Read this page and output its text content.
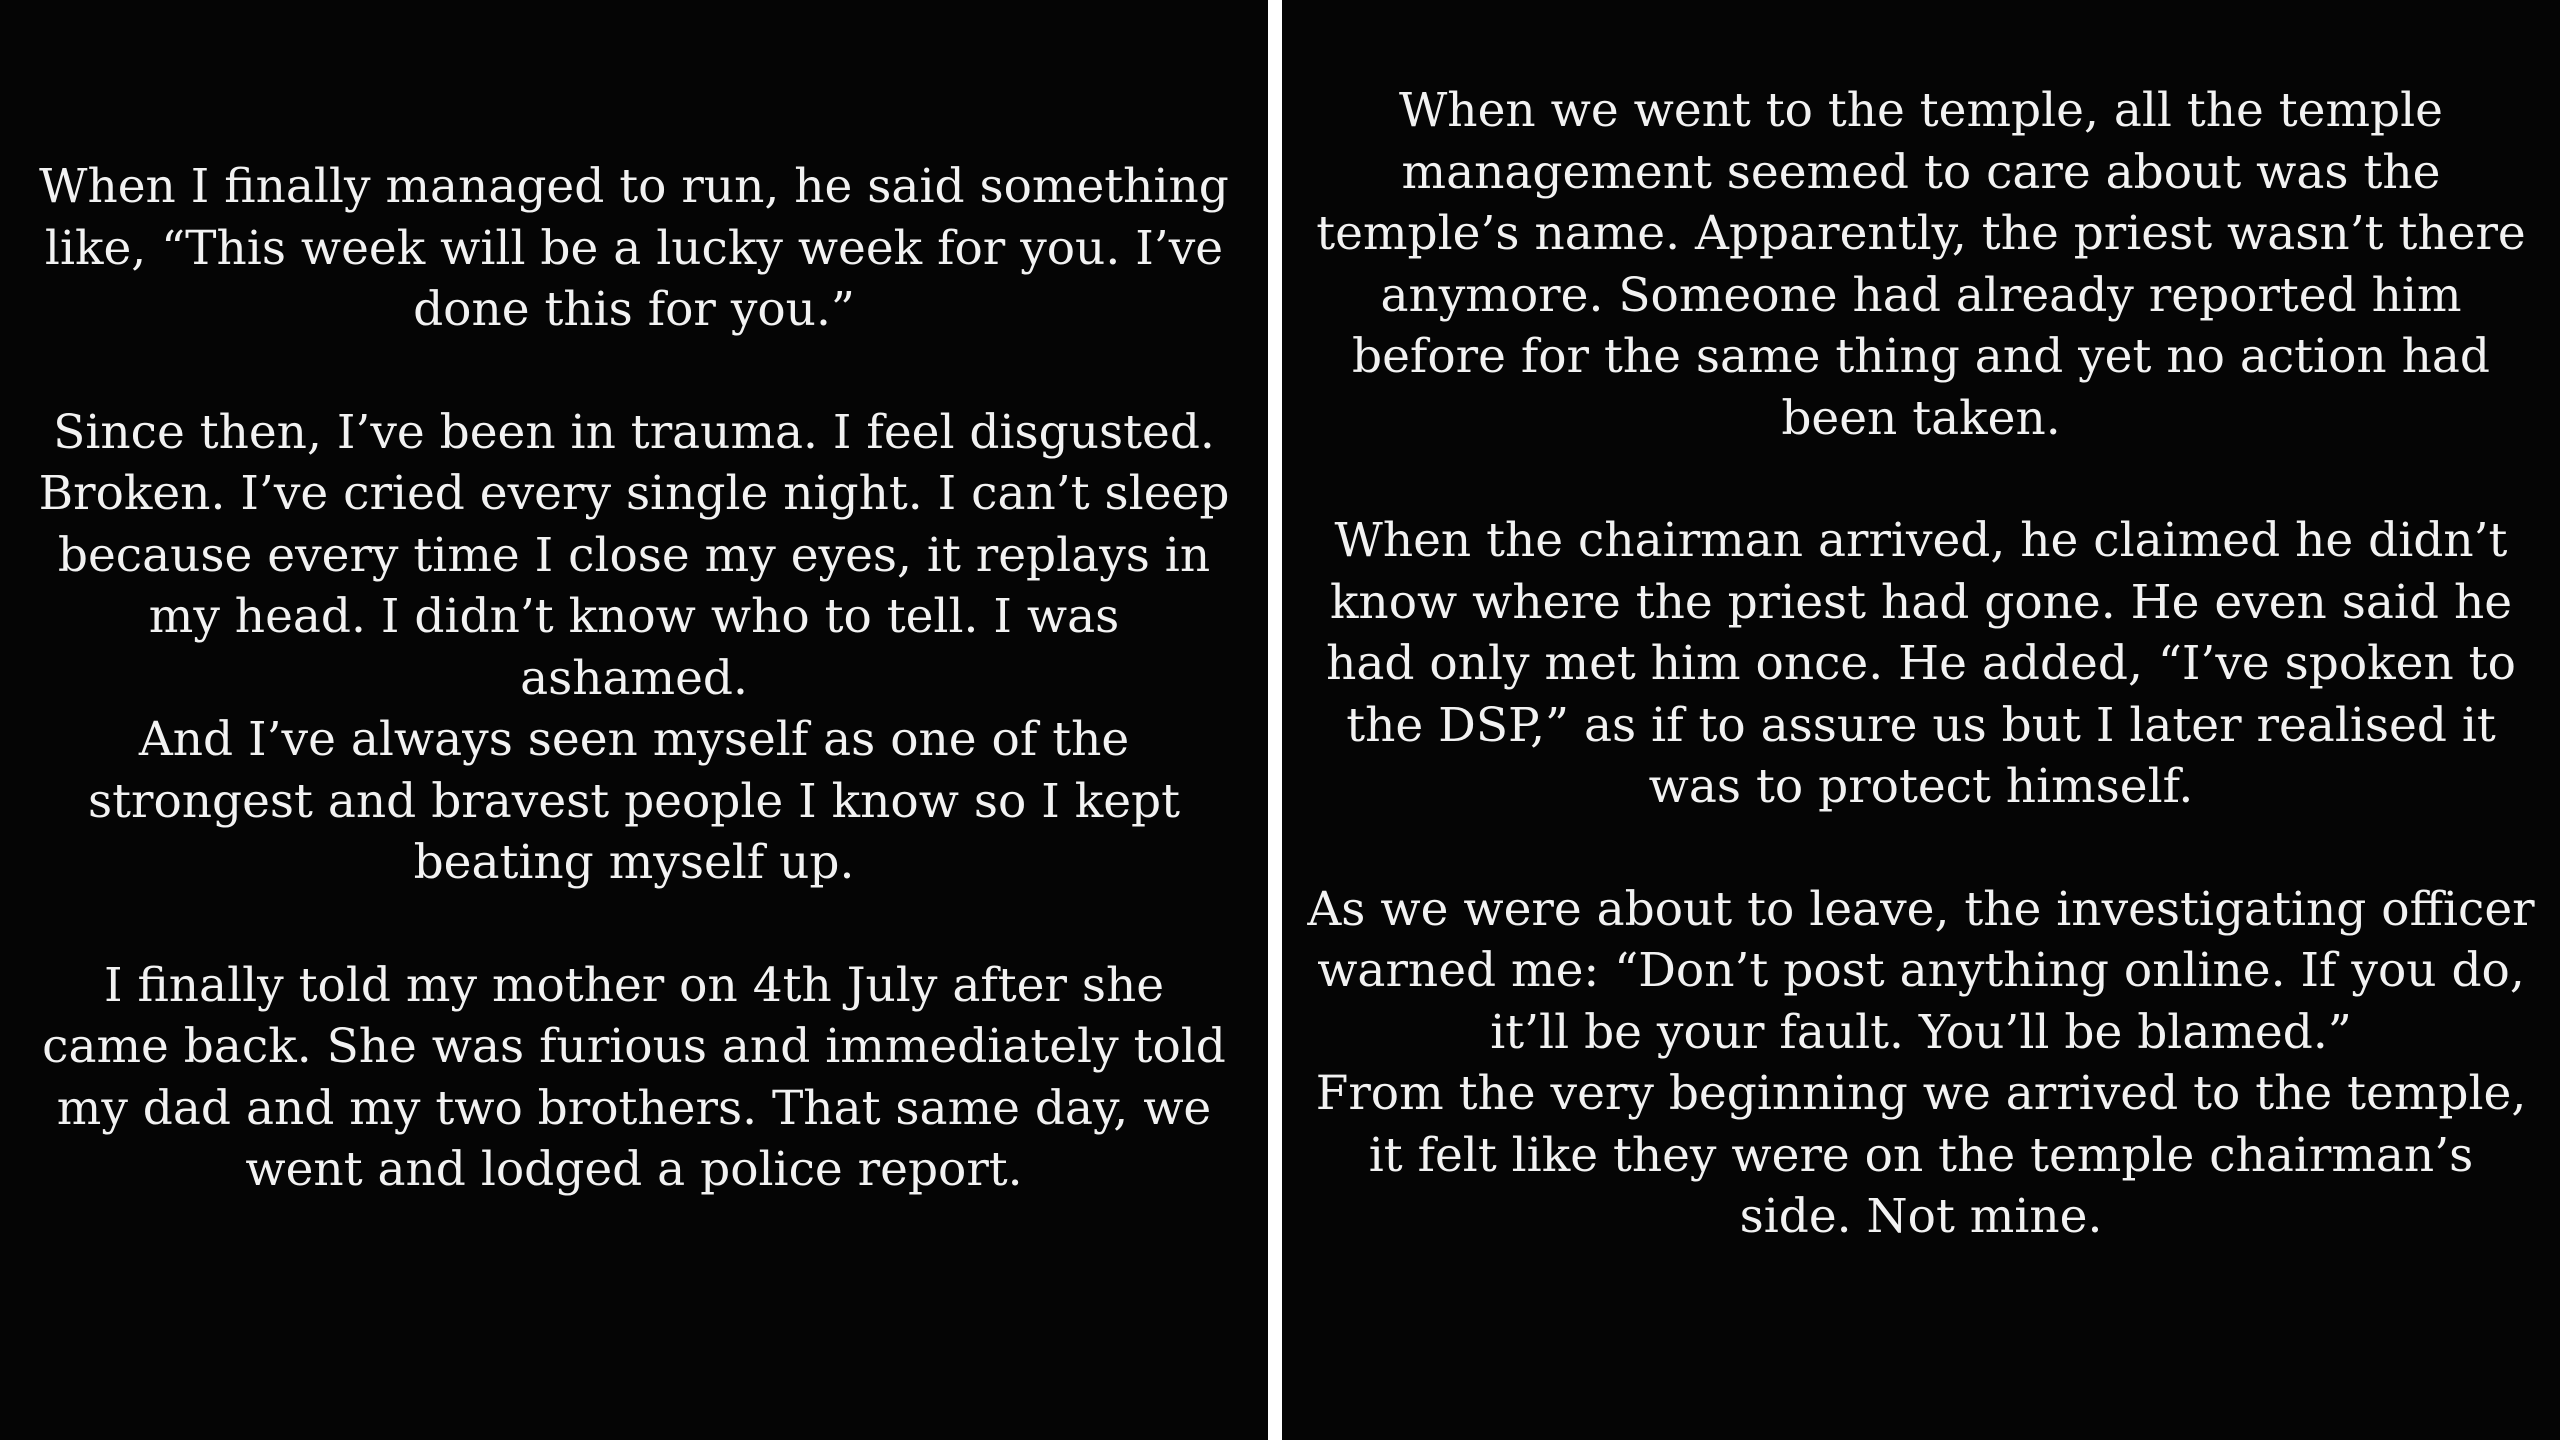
When I finally managed to run, he said something
like, “This week will be a lucky week for you. I’ve
done this for you.”

Since then, I’ve been in trauma. I feel disgusted.
Broken. I’ve cried every single night. I can’t sleep
because every time I close my eyes, it replays in
my head. I didn’t know who to tell. I was ashamed.
And I’ve always seen myself as one of the
strongest and bravest people I know so I kept
beating myself up.

I finally told my mother on 4th July after she
came back. She was furious and immediately told
my dad and my two brothers. That same day, we
went and lodged a police report.

When we went to the temple, all the temple
management seemed to care about was the
temple’s name. Apparently, the priest wasn’t there
anymore. Someone had already reported him
before for the same thing and yet no action had
been taken.

When the chairman arrived, he claimed he didn’t
know where the priest had gone. He even said he
had only met him once. He added, “I’ve spoken to
the DSP,” as if to assure us but I later realised it
was to protect himself.

As we were about to leave, the investigating officer
warned me: “Don’t post anything online. If you do,
it’ll be your fault. You’ll be blamed.”

From the very beginning we arrived to the temple,
it felt like they were on the temple chairman’s
side. Not mine.
